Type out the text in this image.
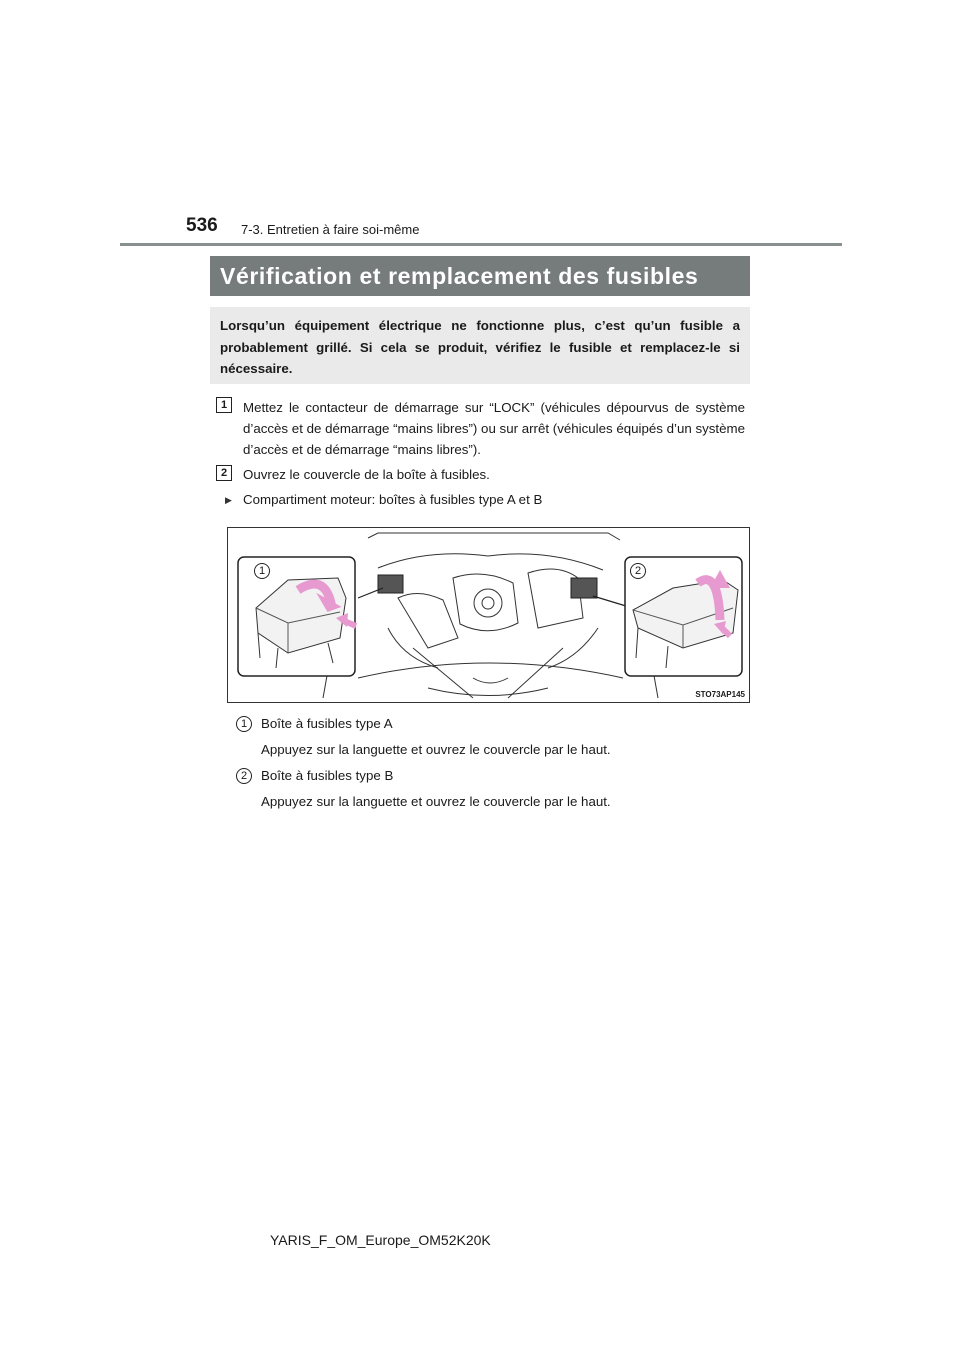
536 7-3. Entretien à faire soi-même
Vérification et remplacement des fusibles
Lorsqu’un équipement électrique ne fonctionne plus, c’est qu’un fusible a probablement grillé. Si cela se produit, vérifiez le fusible et remplacez-le si nécessaire.
1	Mettez le contacteur de démarrage sur “LOCK” (véhicules dépourvus de système d’accès et de démarrage “mains libres”) ou sur arrêt (véhicules équipés d’un système d’accès et de démarrage “mains libres”).
2	Ouvrez le couvercle de la boîte à fusibles.
▶ Compartiment moteur: boîtes à fusibles type A et B
1	2
STO73AP145
1	Boîte à fusibles type A
Appuyez sur la languette et ouvrez le couvercle par le haut.
2	Boîte à fusibles type B
Appuyez sur la languette et ouvrez le couvercle par le haut.
YARIS_F_OM_Europe_OM52K20K
